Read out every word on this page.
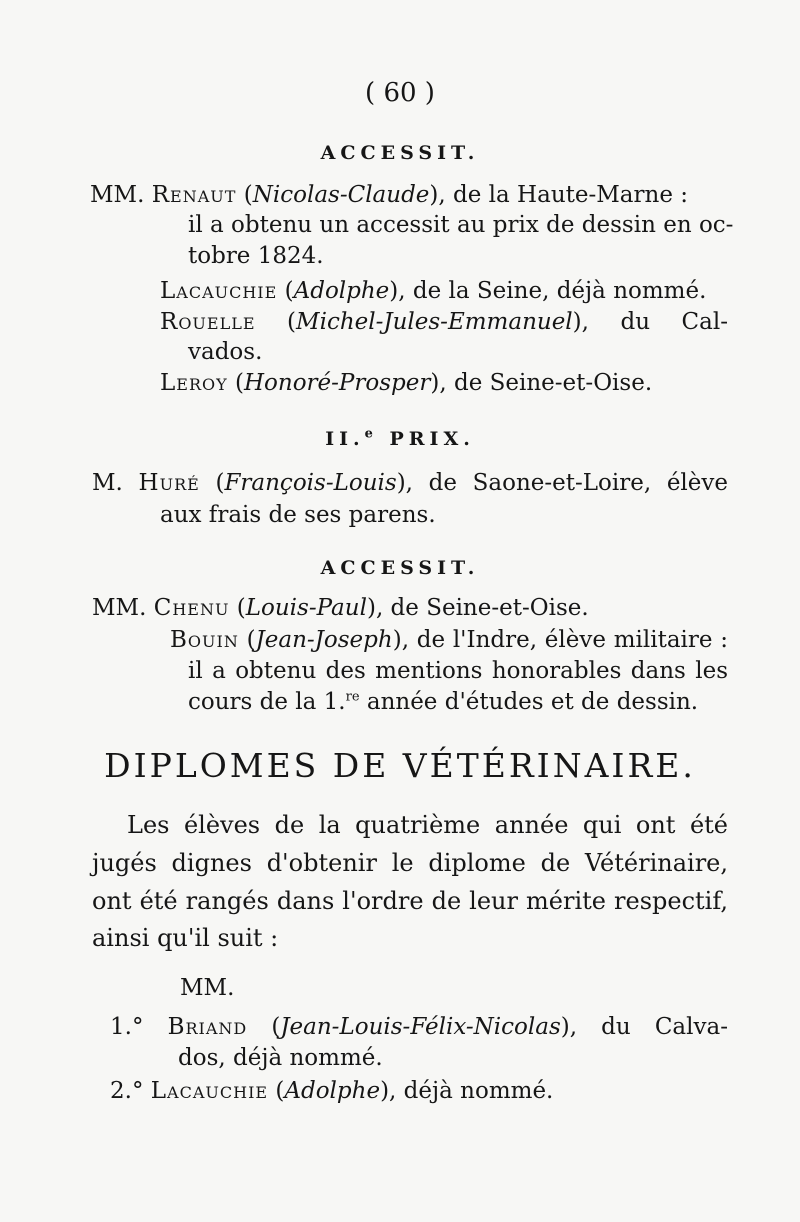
( 60 )
ACCESSIT.
MM. Renaut (Nicolas-Claude), de la Haute-Marne :
il a obtenu un accessit au prix de dessin en oc-
tobre 1824.
Lacauchie (Adolphe), de la Seine, déjà nommé.
Rouelle (Michel-Jules-Emmanuel), du Cal-
vados.
Leroy (Honoré-Prosper), de Seine-et-Oise.
II.$^e$ PRIX.
M. Huré (François-Louis), de Saone-et-Loire, élève
aux frais de ses parens.
ACCESSIT.
MM. Chenu (Louis-Paul), de Seine-et-Oise.
Bouin (Jean-Joseph), de l'Indre, élève militaire :
il a obtenu des mentions honorables dans les
cours de la 1.$^{re}$ année d'études et de dessin.
DIPLOMES DE VÉTÉRINAIRE.
Les élèves de la quatrième année qui ont été
jugés dignes d'obtenir le diplome de Vétérinaire,
ont été rangés dans l'ordre de leur mérite respectif,
ainsi qu'il suit :
MM.
1.° Briand (Jean-Louis-Félix-Nicolas), du Calva-
dos, déjà nommé.
2.° Lacauchie (Adolphe), déjà nommé.
